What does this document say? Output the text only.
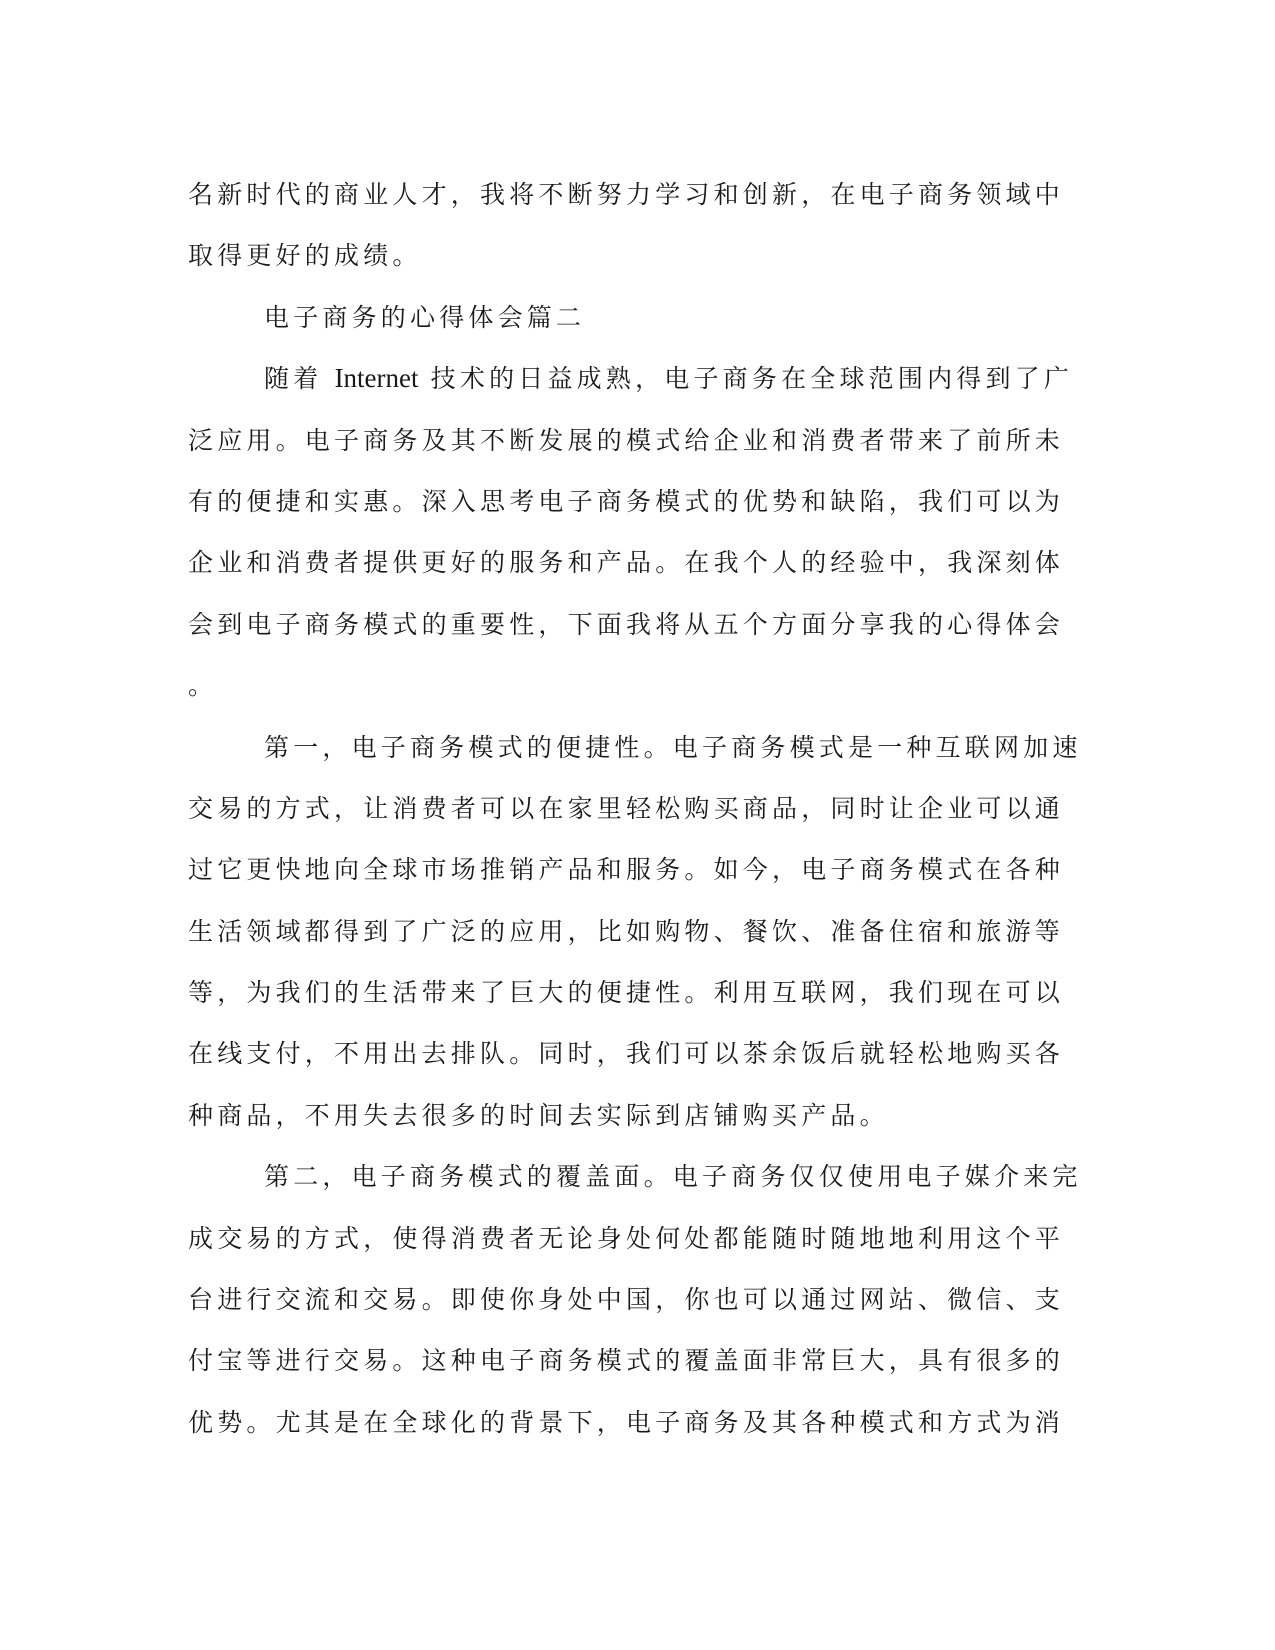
名新时代的商业人才，我将不断努力学习和创新，在电子商务领域中
取得更好的成绩。
电子商务的心得体会篇二
随着 Internet 技术的日益成熟，电子商务在全球范围内得到了广
泛应用。电子商务及其不断发展的模式给企业和消费者带来了前所未
有的便捷和实惠。深入思考电子商务模式的优势和缺陷，我们可以为
企业和消费者提供更好的服务和产品。在我个人的经验中，我深刻体
会到电子商务模式的重要性，下面我将从五个方面分享我的心得体会
。
第一，电子商务模式的便捷性。电子商务模式是一种互联网加速
交易的方式，让消费者可以在家里轻松购买商品，同时让企业可以通
过它更快地向全球市场推销产品和服务。如今，电子商务模式在各种
生活领域都得到了广泛的应用，比如购物、餐饮、准备住宿和旅游等
等，为我们的生活带来了巨大的便捷性。利用互联网，我们现在可以
在线支付，不用出去排队。同时，我们可以茶余饭后就轻松地购买各
种商品，不用失去很多的时间去实际到店铺购买产品。
第二，电子商务模式的覆盖面。电子商务仅仅使用电子媒介来完
成交易的方式，使得消费者无论身处何处都能随时随地地利用这个平
台进行交流和交易。即使你身处中国，你也可以通过网站、微信、支
付宝等进行交易。这种电子商务模式的覆盖面非常巨大，具有很多的
优势。尤其是在全球化的背景下，电子商务及其各种模式和方式为消
